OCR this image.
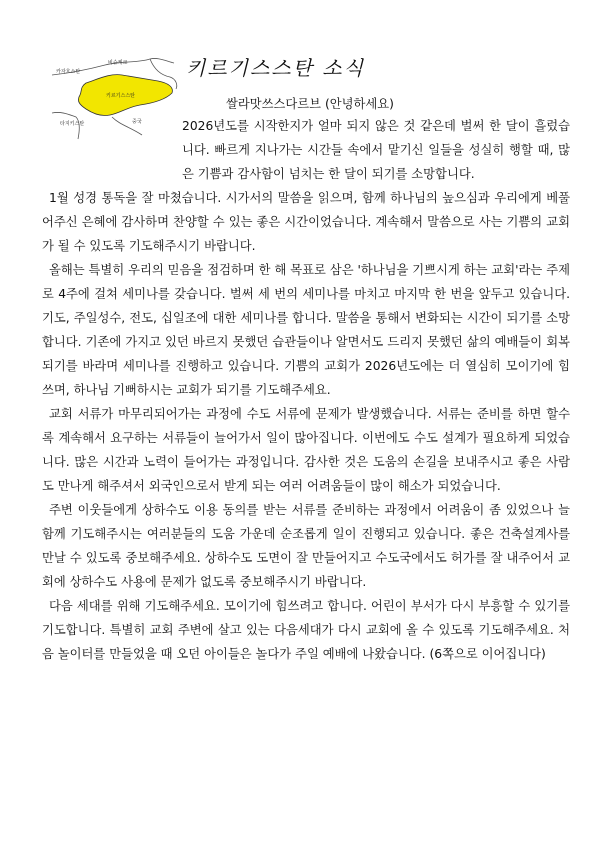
카자흐스탄
비슈케크
키르기스스탄
타지키스탄	중국
키르기스스탄 소식
쌀라맛쓰스다르브 (안녕하세요)

2026년도를 시작한지가 얼마 되지 않은 것 같은데 벌써 한 달이 흘렀습니다. 빠르게 지나가는 시간들 속에서 맡기신 일들을 성실히 행할 때, 많은 기쁨과 감사함이 넘치는 한 달이 되기를 소망합니다.

1월 성경 통독을 잘 마쳤습니다. 시가서의 말씀을 읽으며, 함께 하나님의 높으심과 우리에게 베풀어주신 은혜에 감사하며 찬양할 수 있는 좋은 시간이었습니다. 계속해서 말씀으로 사는 기쁨의 교회가 될 수 있도록 기도해주시기 바랍니다.

올해는 특별히 우리의 믿음을 점검하며 한 해 목표로 삼은 '하나님을 기쁘시게 하는 교회'라는 주제로 4주에 걸쳐 세미나를 갖습니다. 벌써 세 번의 세미나를 마치고 마지막 한 번을 앞두고 있습니다. 기도, 주일성수, 전도, 십일조에 대한 세미나를 합니다. 말씀을 통해서 변화되는 시간이 되기를 소망합니다. 기존에 가지고 있던 바르지 못했던 습관들이나 알면서도 드리지 못했던 삶의 예배들이 회복되기를 바라며 세미나를 진행하고 있습니다. 기쁨의 교회가 2026년도에는 더 열심히 모이기에 힘쓰며, 하나님 기뻐하시는 교회가 되기를 기도해주세요.

교회 서류가 마무리되어가는 과정에 수도 서류에 문제가 발생했습니다. 서류는 준비를 하면 할수록 계속해서 요구하는 서류들이 늘어가서 일이 많아집니다. 이번에도 수도 설계가 필요하게 되었습니다. 많은 시간과 노력이 들어가는 과정입니다. 감사한 것은 도움의 손길을 보내주시고 좋은 사람도 만나게 해주셔서 외국인으로서 받게 되는 여러 어려움들이 많이 해소가 되었습니다.

주변 이웃들에게 상하수도 이용 동의를 받는 서류를 준비하는 과정에서 어려움이 좀 있었으나 늘 함께 기도해주시는 여러분들의 도움 가운데 순조롭게 일이 진행되고 있습니다. 좋은 건축설계사를 만날 수 있도록 중보해주세요. 상하수도 도면이 잘 만들어지고 수도국에서도 허가를 잘 내주어서 교회에 상하수도 사용에 문제가 없도록 중보해주시기 바랍니다.

다음 세대를 위해 기도해주세요. 모이기에 힘쓰려고 합니다. 어린이 부서가 다시 부흥할 수 있기를 기도합니다. 특별히 교회 주변에 살고 있는 다음세대가 다시 교회에 올 수 있도록 기도해주세요. 처음 놀이터를 만들었을 때 오던 아이들은 놀다가 주일 예배에 나왔습니다. (6쪽으로 이어집니다)
